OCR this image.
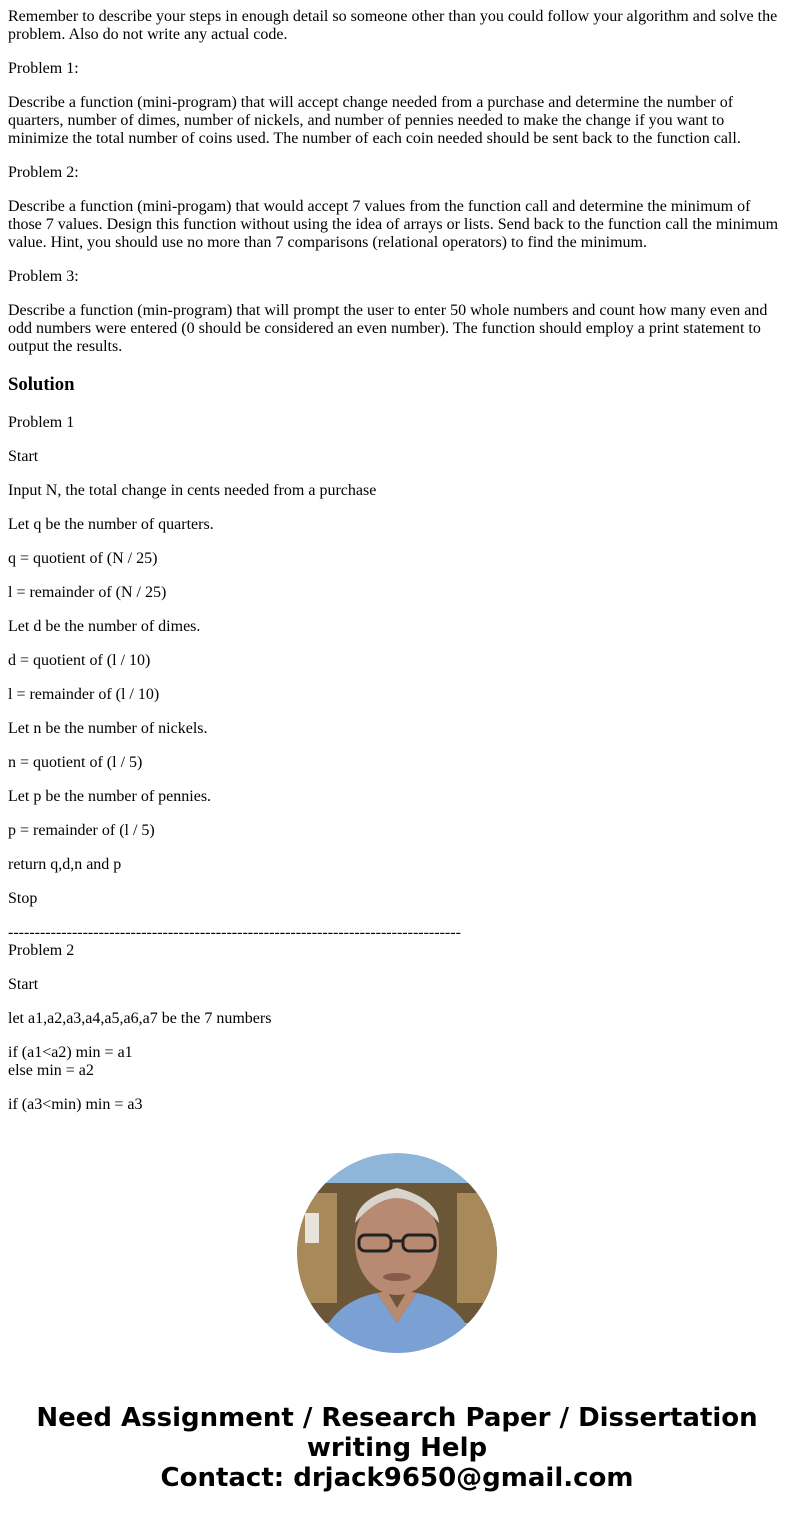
Remember to describe your steps in enough detail so someone other than you could follow your algorithm and solve the problem. Also do not write any actual code.

Problem 1:

Describe a function (mini-program) that will accept change needed from a purchase and determine the number of quarters, number of dimes, number of nickels, and number of pennies needed to make the change if you want to minimize the total number of coins used. The number of each coin needed should be sent back to the function call.

Problem 2:

Describe a function (mini-progam) that would accept 7 values from the function call and determine the minimum of those 7 values. Design this function without using the idea of arrays or lists. Send back to the function call the minimum value. Hint, you should use no more than 7 comparisons (relational operators) to find the minimum.

Problem 3:

Describe a function (min-program) that will prompt the user to enter 50 whole numbers and count how many even and odd numbers were entered (0 should be considered an even number). The function should employ a print statement to output the results.

Solution

Problem 1

Start

Input N, the total change in cents needed from a purchase

Let q be the number of quarters.

q = quotient of (N / 25)

l = remainder of (N / 25)

Let d be the number of dimes.

d = quotient of (l / 10)

l = remainder of (l / 10)

Let n be the number of nickels.

n = quotient of (l / 5)

Let p be the number of pennies.

p = remainder of (l / 5)

return q,d,n and p

Stop

-------------------------------------------------------------------------------------
Problem 2

Start

let a1,a2,a3,a4,a5,a6,a7 be the 7 numbers

if (a1<a2) min = a1
else min = a2

if (a3<min) min = a3

Need Assignment / Research Paper / Dissertation
writing Help
Contact: drjack9650@gmail.com
